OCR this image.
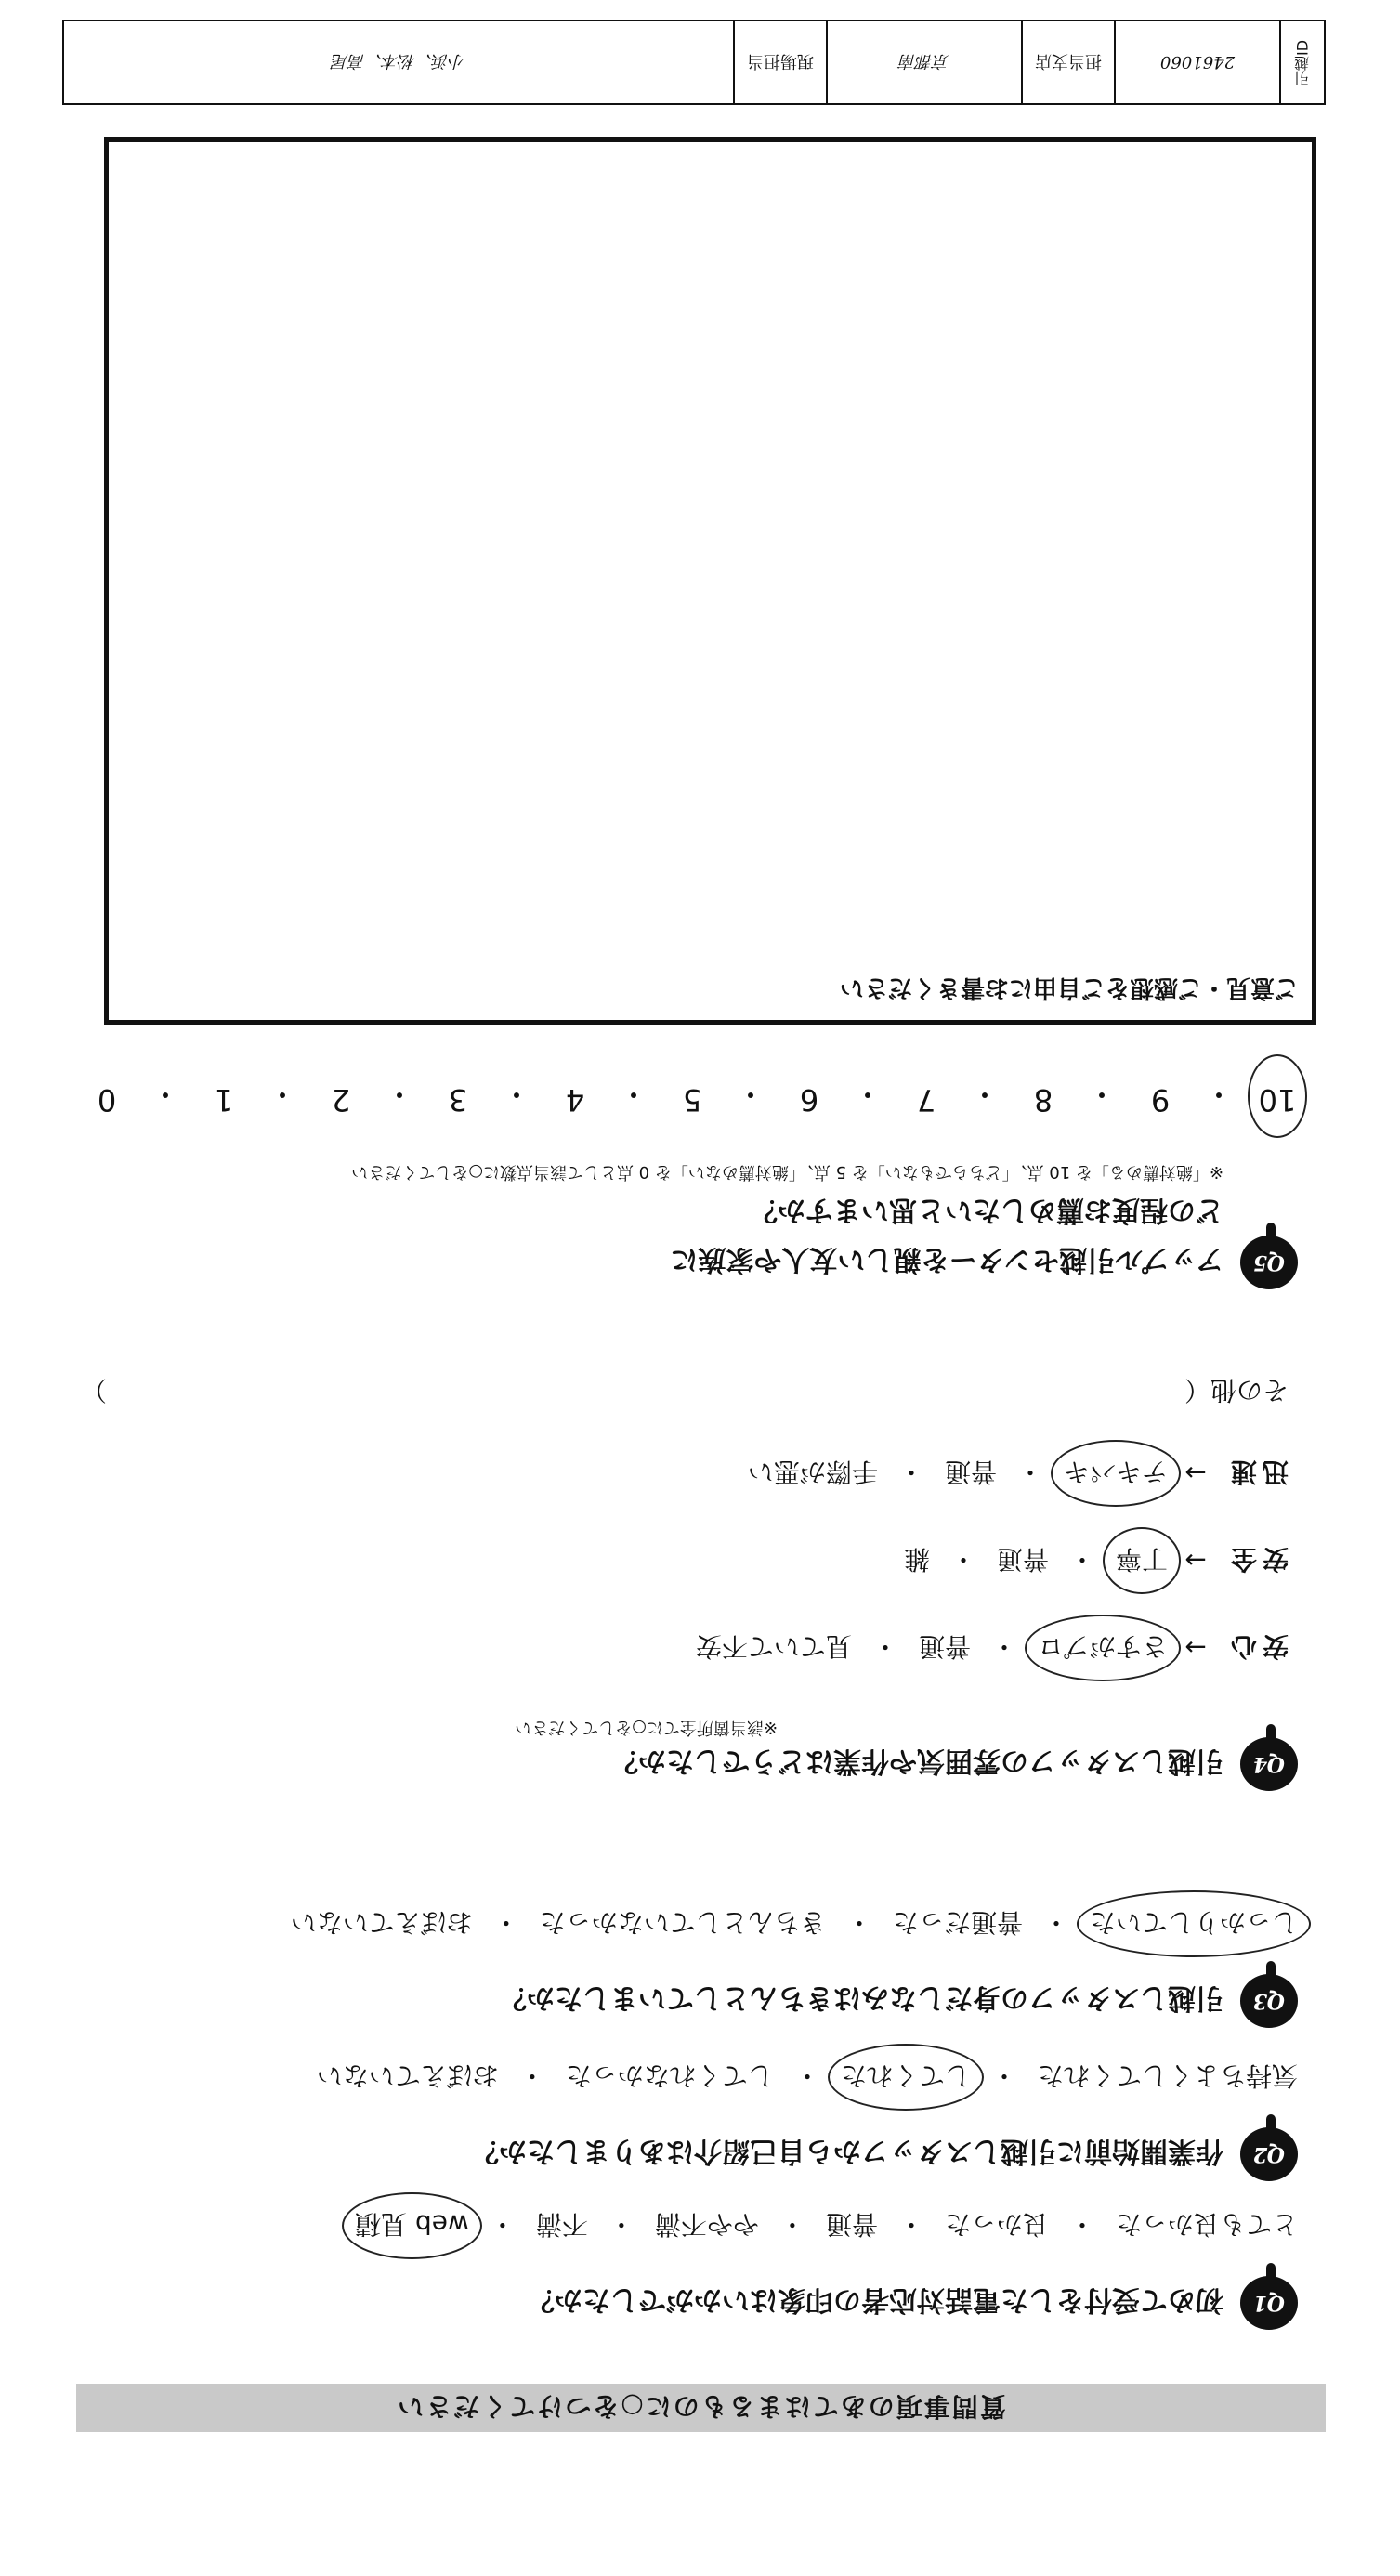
質問事項のあてはまるものに○をつけてください
Q1
初めて受付をした電話対応者の印象はいかがでしたか？
とても良かった
・
良かった
・
普通
・
やや不満
・
不満
・
web 見積
Q2
作業開始前に引越しスタッフから自己紹介はありましたか？
気持ちよくしてくれた
・
してくれた
・
してくれなかった
・
おぼえていない
Q3
引越しスタッフの身だしなみはきちんとしていましたか？
しっかりしていた
・
普通だった
・
きちんとしていなかった
・
おぼえていない
Q4
引越しスタッフの雰囲気や作業はどうでしたか？
※該当箇所全てに○をしてください
安心
→
さすがプロ
・
普通
・
見ていて不安
安全
→
丁寧
・
普通
・
雑
迅速
→
テキパキ
・
普通
・
手際が悪い
その他（
）
Q5
アップル引越センターを親しい友人や家族に
どの程度お薦めしたいと思いますか？
※「絶対薦める」を 10 点、「どちらでもない」を 5 点、「絶対薦めない」を 0 点として該当点数に○をしてください
10
・
9
・
8
・
7
・
6
・
5
・
4
・
3
・
2
・
1
・
0
ご意見・ご感想をご自由にお書きください
引越ID
2461060
担当支店
京都南
現場担当
小浜、松本、高尾
